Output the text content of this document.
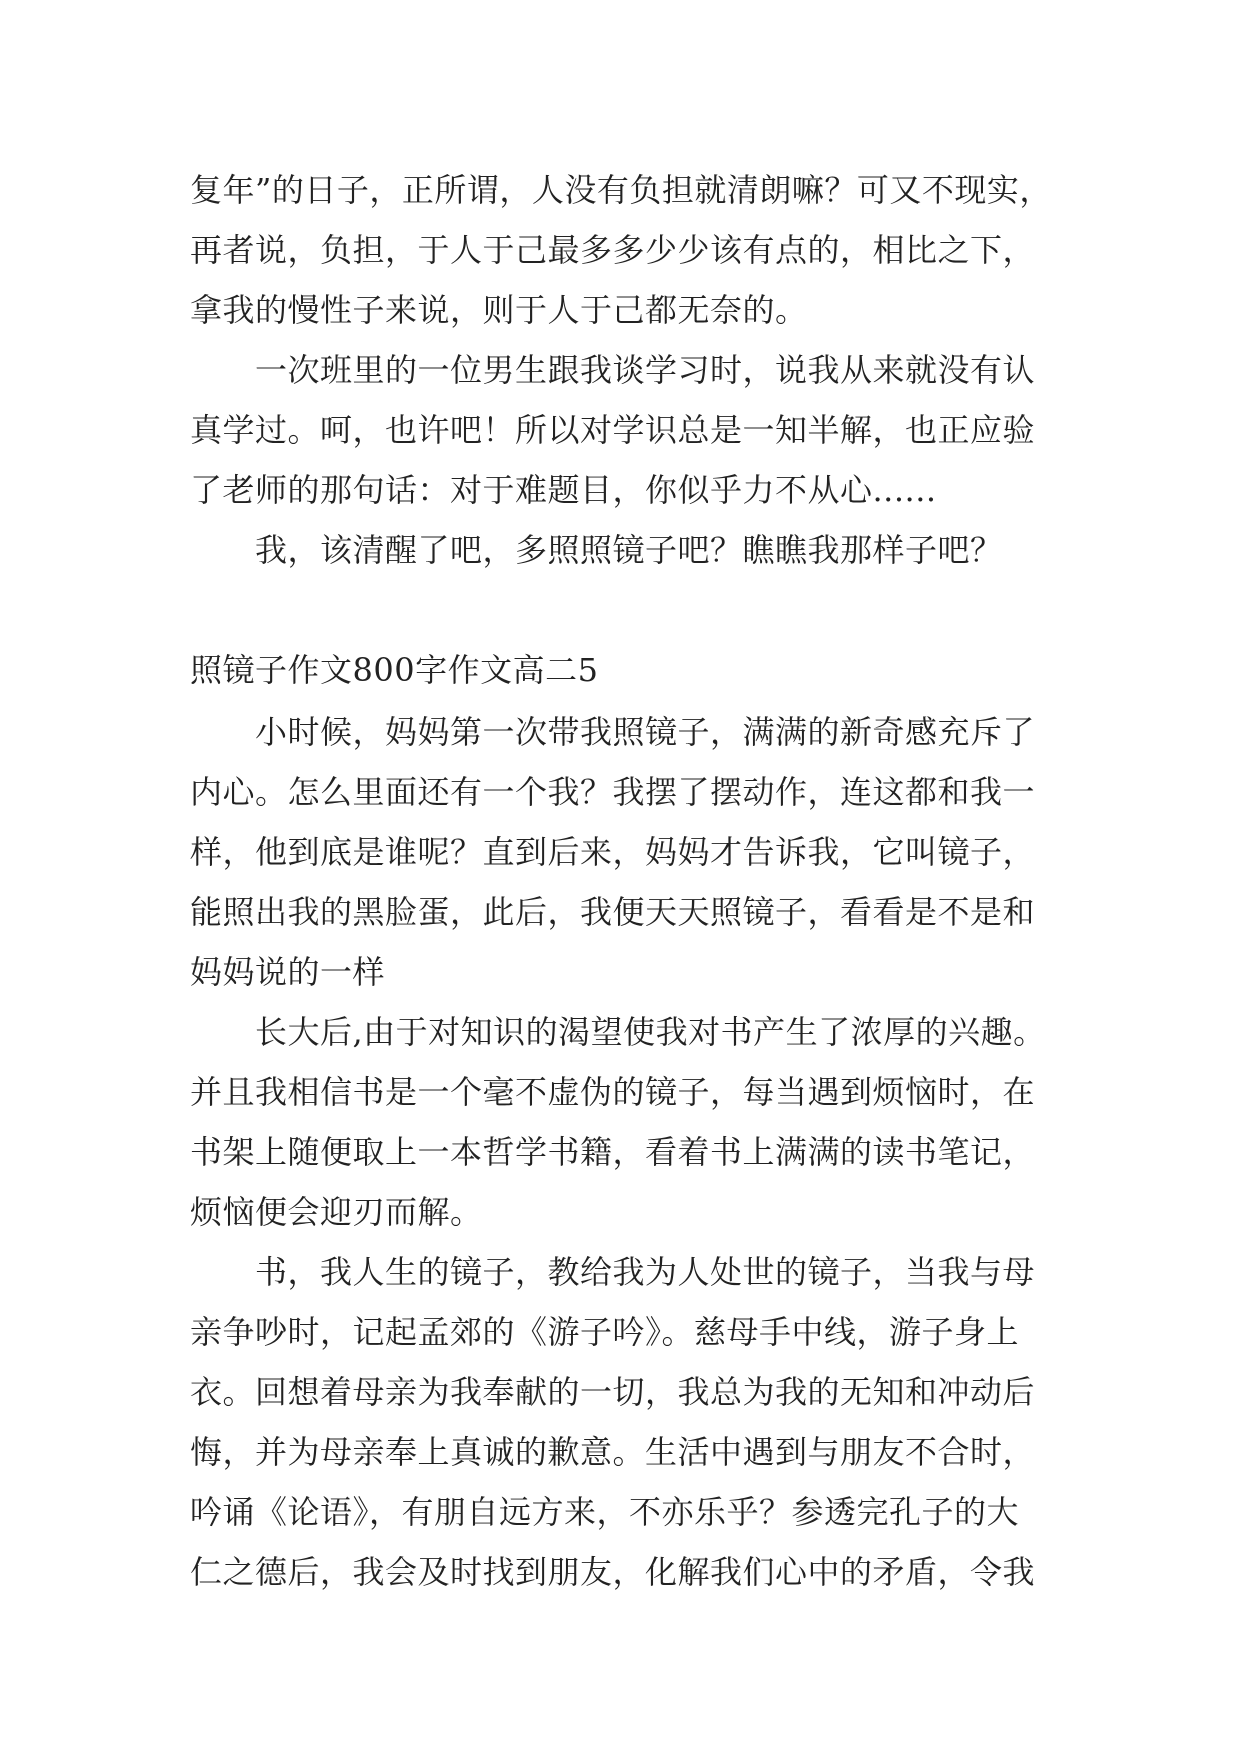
复年”的日子，正所谓，人没有负担就清朗嘛？可又不现实，
再者说，负担，于人于己最多多少少该有点的，相比之下，
拿我的慢性子来说，则于人于己都无奈的。
一次班里的一位男生跟我谈学习时，说我从来就没有认
真学过。呵，也许吧！所以对学识总是一知半解，也正应验
了老师的那句话：对于难题目，你似乎力不从心......
我，该清醒了吧，多照照镜子吧？瞧瞧我那样子吧？
照镜子作文800字作文高二5
小时候，妈妈第一次带我照镜子，满满的新奇感充斥了
内心。怎么里面还有一个我？我摆了摆动作，连这都和我一
样，他到底是谁呢？直到后来，妈妈才告诉我，它叫镜子，
能照出我的黑脸蛋，此后，我便天天照镜子，看看是不是和
妈妈说的一样
长大后,由于对知识的渴望使我对书产生了浓厚的兴趣。
并且我相信书是一个毫不虚伪的镜子，每当遇到烦恼时，在
书架上随便取上一本哲学书籍，看着书上满满的读书笔记，
烦恼便会迎刃而解。
书，我人生的镜子，教给我为人处世的镜子，当我与母
亲争吵时，记起孟郊的《游子吟》。慈母手中线，游子身上
衣。回想着母亲为我奉献的一切，我总为我的无知和冲动后
悔，并为母亲奉上真诚的歉意。生活中遇到与朋友不合时，
吟诵《论语》，有朋自远方来，不亦乐乎？参透完孔子的大
仁之德后，我会及时找到朋友，化解我们心中的矛盾，令我
